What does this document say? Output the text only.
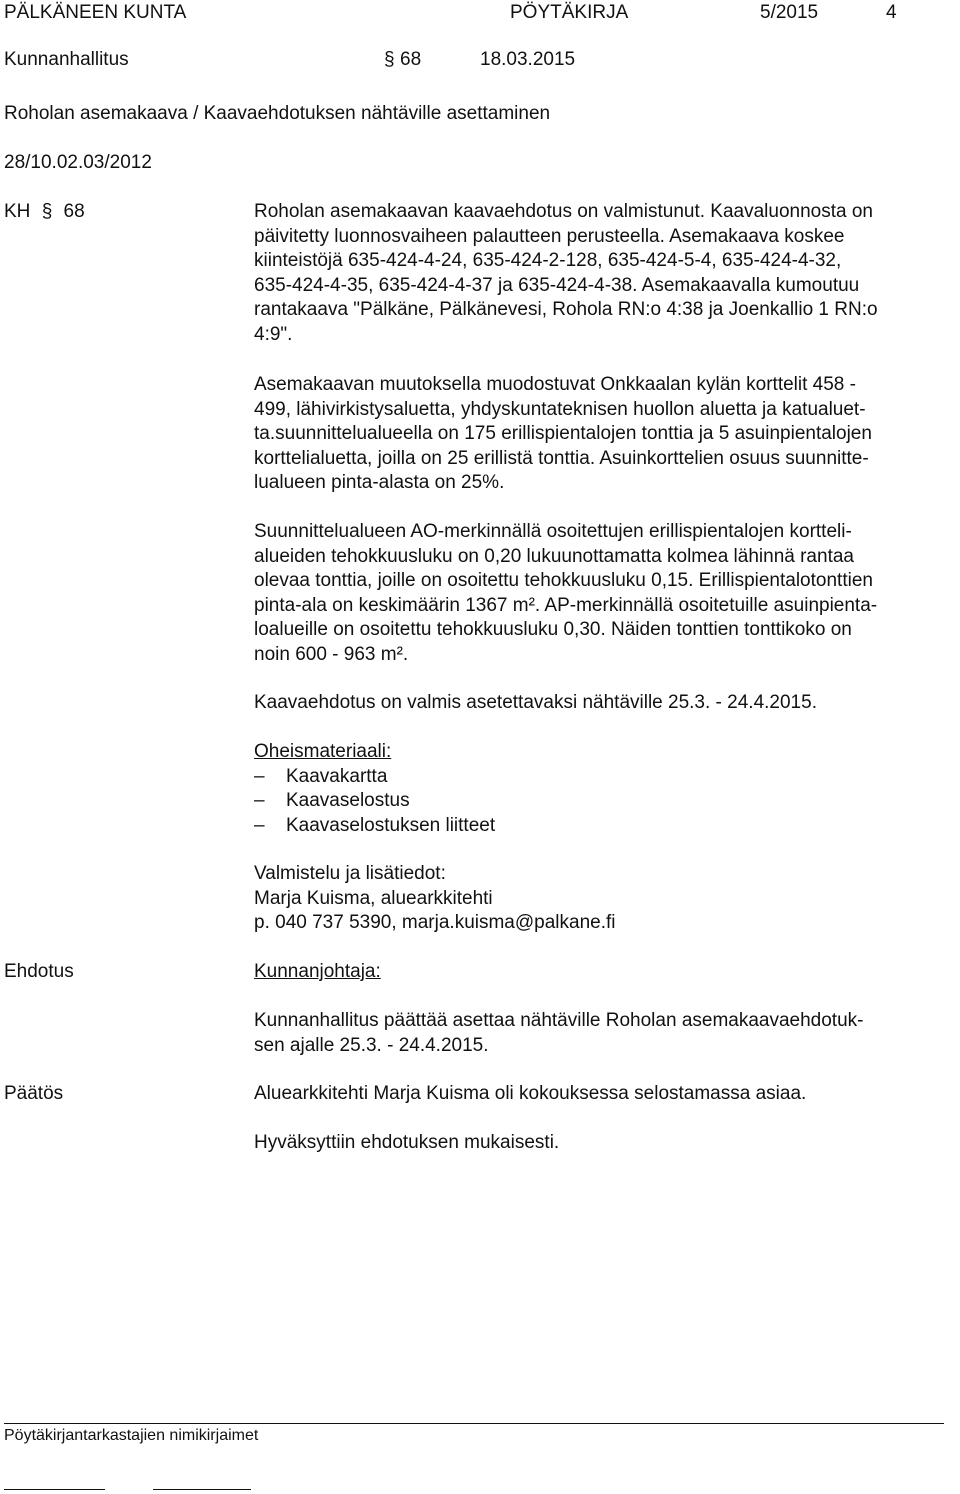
PÄLKÄNEEN KUNTA	PÖYTÄKIRJA	5/2015	4
Kunnanhallitus	§ 68	18.03.2015
Roholan asemakaava / Kaavaehdotuksen nähtäville asettaminen
28/10.02.03/2012
KH § 68	Roholan asemakaavan kaavaehdotus on valmistunut. Kaavaluonnosta on
päivitetty luonnosvaiheen palautteen perusteella. Asemakaava koskee
kiinteistöjä 635-424-4-24, 635-424-2-128, 635-424-5-4, 635-424-4-32,
635-424-4-35, 635-424-4-37 ja 635-424-4-38. Asemakaavalla kumoutuu
rantakaava "Pälkäne, Pälkänevesi, Rohola RN:o 4:38 ja Joenkallio 1 RN:o
4:9".
Asemakaavan muutoksella muodostuvat Onkkaalan kylän korttelit 458 -
499, lähivirkistysaluetta, yhdyskuntateknisen huollon aluetta ja katualuet-
ta.suunnittelualueella on 175 erillispientalojen tonttia ja 5 asuinpientalojen
korttelialuetta, joilla on 25 erillistä tonttia. Asuinkorttelien osuus suunnitte-
lualueen pinta-alasta on 25%.
Suunnittelualueen AO-merkinnällä osoitettujen erillispientalojen kortteli-
alueiden tehokkuusluku on 0,20 lukuunottamatta kolmea lähinnä rantaa
olevaa tonttia, joille on osoitettu tehokkuusluku 0,15. Erillispientalotonttien
pinta-ala on keskimäärin 1367 m². AP-merkinnällä osoitetuille asuinpienta-
loalueille on osoitettu tehokkuusluku 0,30. Näiden tonttien tonttikoko on
noin 600 - 963 m².
Kaavaehdotus on valmis asetettavaksi nähtäville 25.3. - 24.4.2015.
Oheismateriaali:
– Kaavakartta
– Kaavaselostus
– Kaavaselostuksen liitteet
Valmistelu ja lisätiedot:
Marja Kuisma, aluearkkitehti
p. 040 737 5390, marja.kuisma@palkane.fi
Ehdotus	Kunnanjohtaja:
Kunnanhallitus päättää asettaa nähtäville Roholan asemakaavaehdotuk-
sen ajalle 25.3. - 24.4.2015.
Päätös	Aluearkkitehti Marja Kuisma oli kokouksessa selostamassa asiaa.
Hyväksyttiin ehdotuksen mukaisesti.
Pöytäkirjantarkastajien nimikirjaimet
